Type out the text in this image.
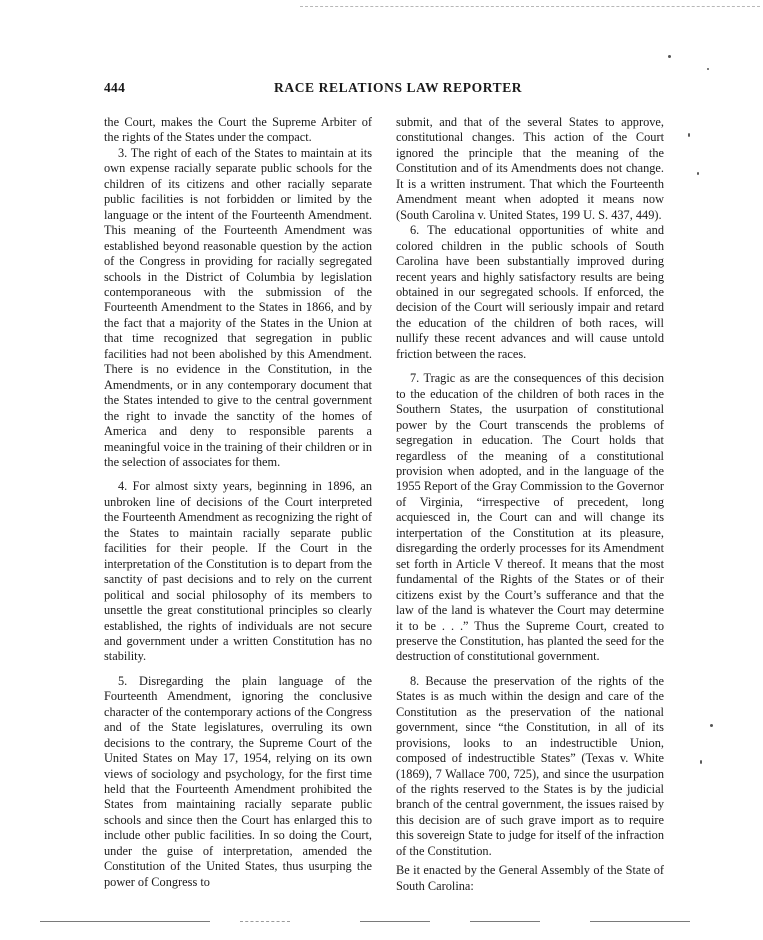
444	RACE RELATIONS LAW REPORTER

the Court, makes the Court the Supreme Arbiter of the rights of the States under the compact.

3. The right of each of the States to maintain at its own expense racially separate public schools for the children of its citizens and other racially separate public facilities is not forbidden or limited by the language or the intent of the Fourteenth Amendment. This meaning of the Fourteenth Amendment was established beyond reasonable question by the action of the Congress in providing for racially segregated schools in the District of Columbia by legislation contemporaneous with the submission of the Fourteenth Amendment to the States in 1866, and by the fact that a majority of the States in the Union at that time recognized that segregation in public facilities had not been abolished by this Amendment. There is no evidence in the Constitution, in the Amendments, or in any contemporary document that the States intended to give to the central government the right to invade the sanctity of the homes of America and deny to responsible parents a meaningful voice in the training of their children or in the selection of associates for them.

4. For almost sixty years, beginning in 1896, an unbroken line of decisions of the Court interpreted the Fourteenth Amendment as recognizing the right of the States to maintain racially separate public facilities for their people. If the Court in the interpretation of the Constitution is to depart from the sanctity of past decisions and to rely on the current political and social philosophy of its members to unsettle the great constitutional principles so clearly established, the rights of individuals are not secure and government under a written Constitution has no stability.

5. Disregarding the plain language of the Fourteenth Amendment, ignoring the conclusive character of the contemporary actions of the Congress and of the State legislatures, overruling its own decisions to the contrary, the Supreme Court of the United States on May 17, 1954, relying on its own views of sociology and psychology, for the first time held that the Fourteenth Amendment prohibited the States from maintaining racially separate public schools and since then the Court has enlarged this to include other public facilities. In so doing the Court, under the guise of interpretation, amended the Constitution of the United States, thus usurping the power of Congress to

submit, and that of the several States to approve, constitutional changes. This action of the Court ignored the principle that the meaning of the Constitution and of its Amendments does not change. It is a written instrument. That which the Fourteenth Amendment meant when adopted it means now (South Carolina v. United States, 199 U. S. 437, 449).

6. The educational opportunities of white and colored children in the public schools of South Carolina have been substantially improved during recent years and highly satisfactory results are being obtained in our segregated schools. If enforced, the decision of the Court will seriously impair and retard the education of the children of both races, will nullify these recent advances and will cause untold friction between the races.

7. Tragic as are the consequences of this decision to the education of the children of both races in the Southern States, the usurpation of constitutional power by the Court transcends the problems of segregation in education. The Court holds that regardless of the meaning of a constitutional provision when adopted, and in the language of the 1955 Report of the Gray Commission to the Governor of Virginia, “irrespective of precedent, long acquiesced in, the Court can and will change its interpertation of the Constitution at its pleasure, disregarding the orderly processes for its Amendment set forth in Article V thereof. It means that the most fundamental of the Rights of the States or of their citizens exist by the Court’s sufferance and that the law of the land is whatever the Court may determine it to be . . .” Thus the Supreme Court, created to preserve the Constitution, has planted the seed for the destruction of constitutional government.

8. Because the preservation of the rights of the States is as much within the design and care of the Constitution as the preservation of the national government, since “the Constitution, in all of its provisions, looks to an indestructible Union, composed of indestructible States” (Texas v. White (1869), 7 Wallace 700, 725), and since the usurpation of the rights reserved to the States is by the judicial branch of the central government, the issues raised by this decision are of such grave import as to require this sovereign State to judge for itself of the infraction of the Constitution.

Be it enacted by the General Assembly of the State of South Carolina:
